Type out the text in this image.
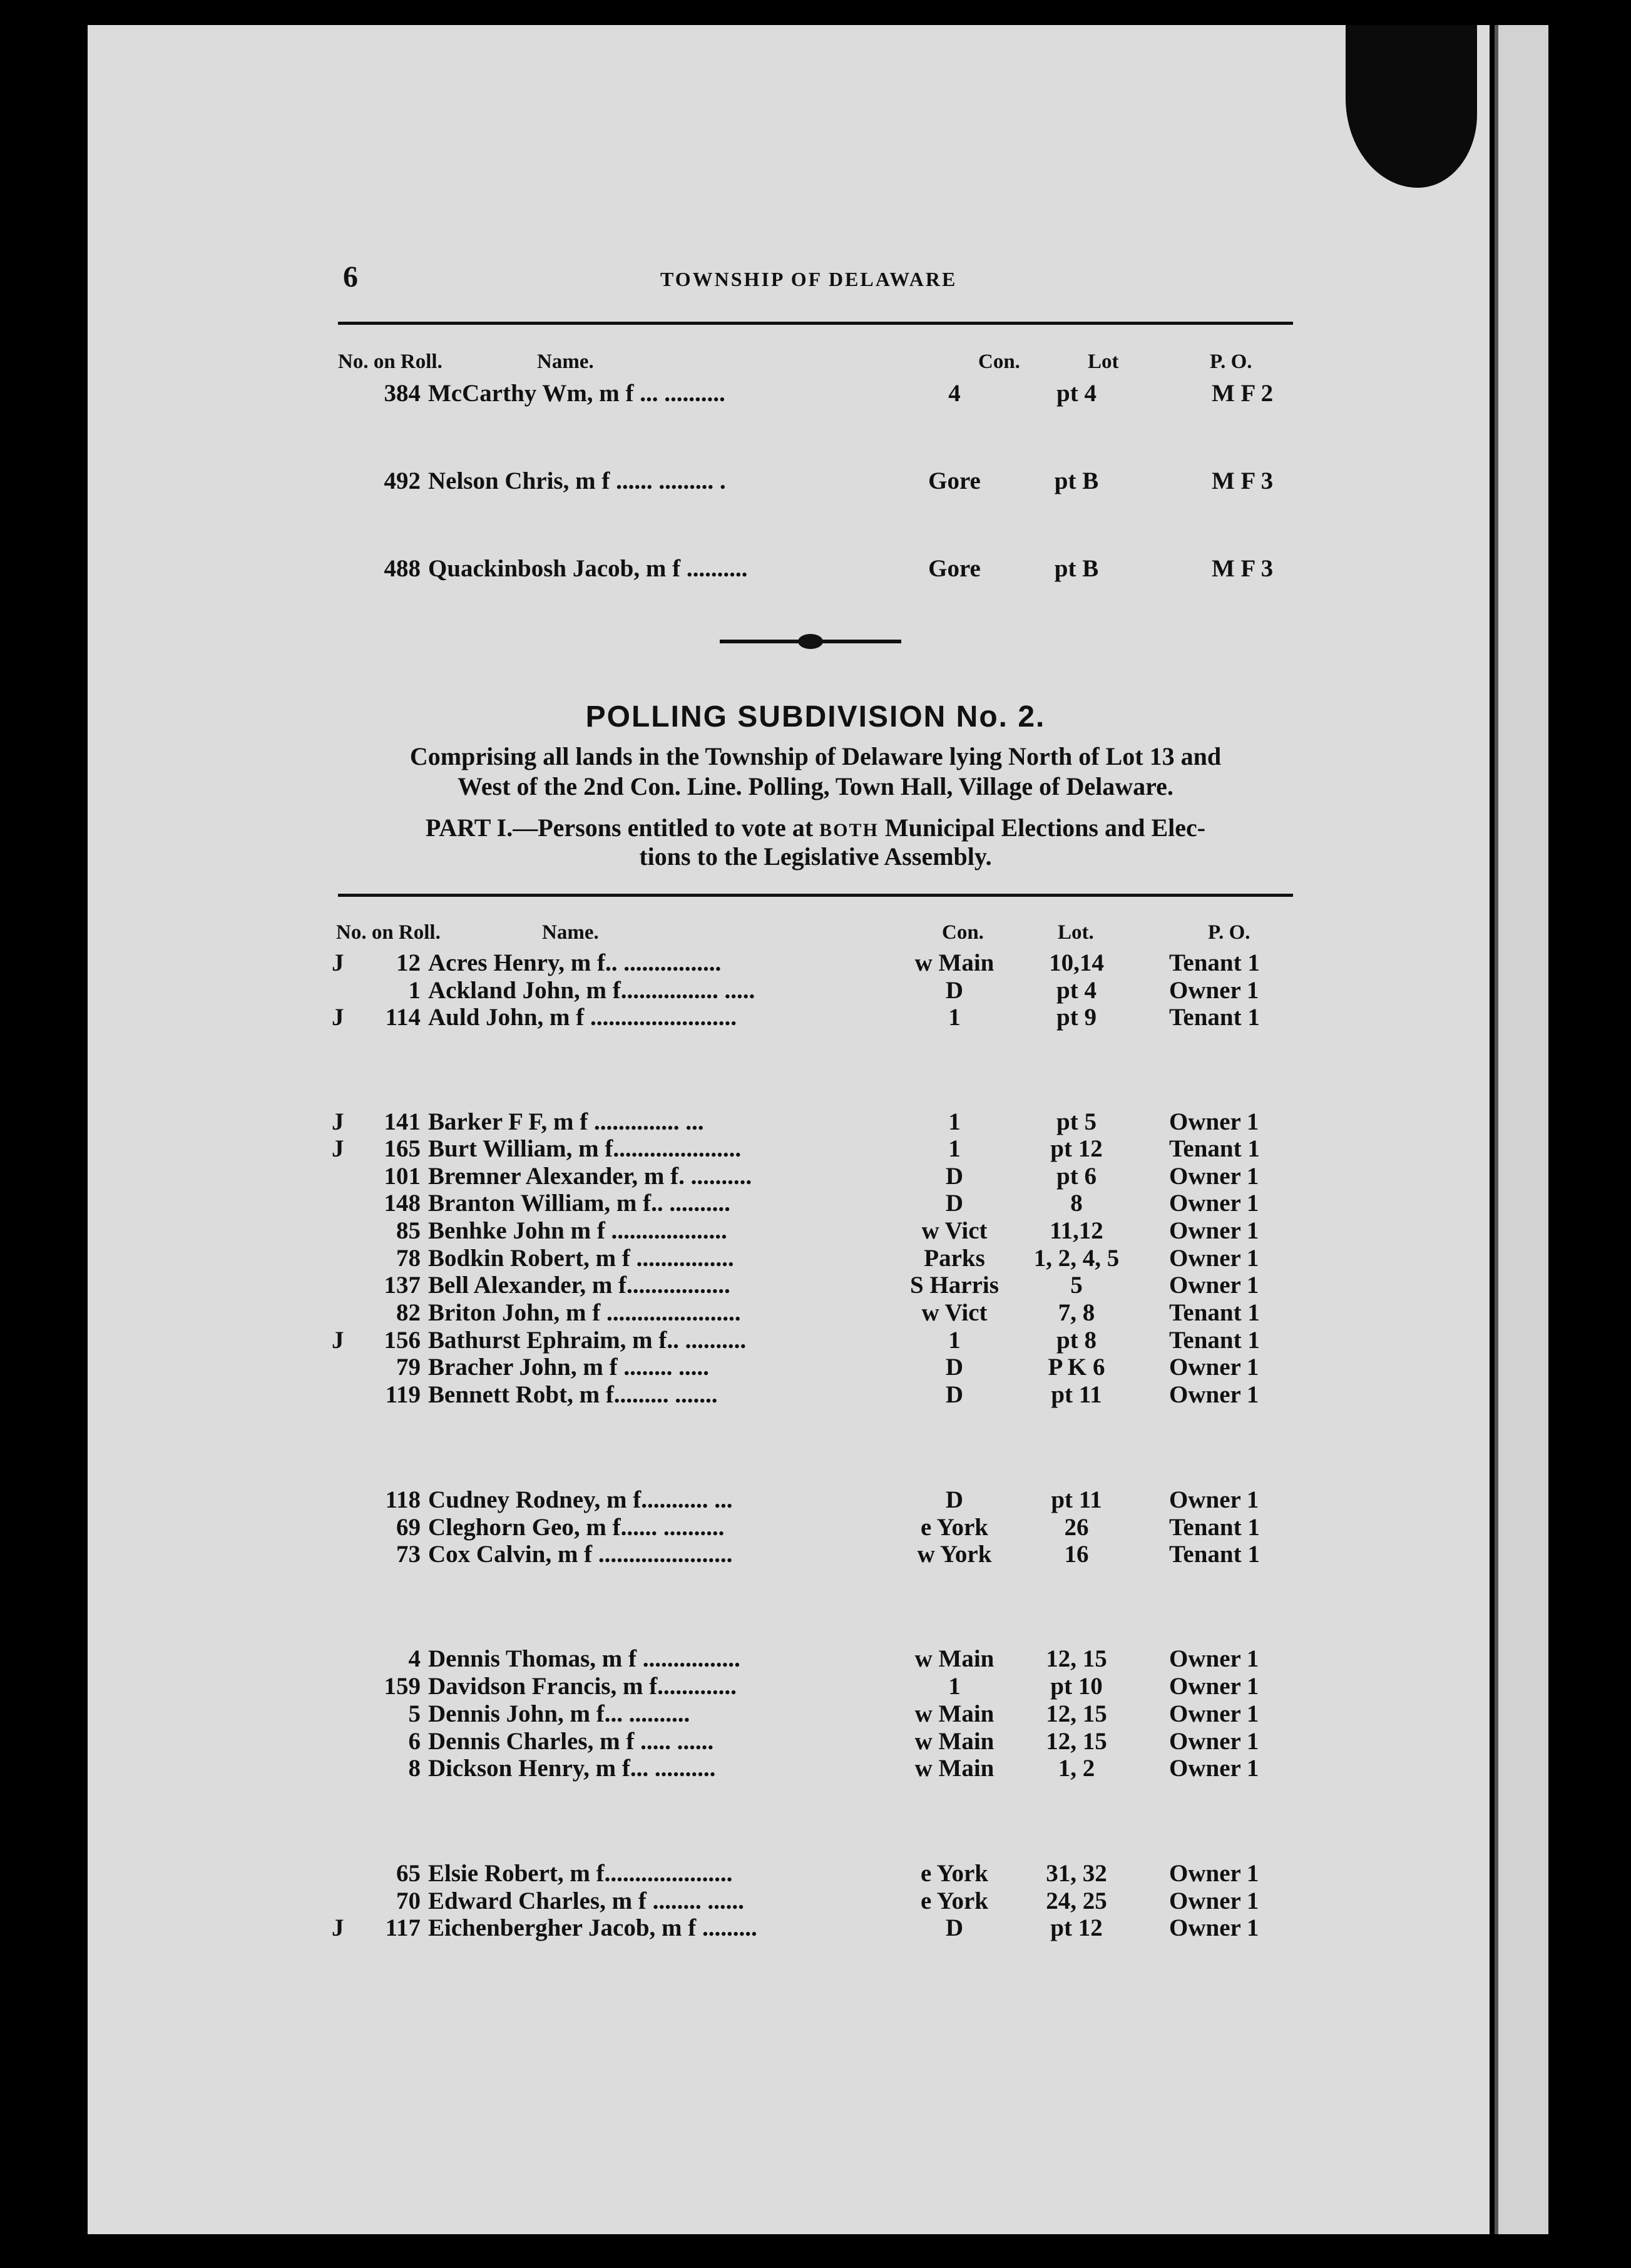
6	TOWNSHIP OF DELAWARE
No. on Roll.	Name.	Con.	Lot	P. O.
384 McCarthy Wm, m f ... ..........	4	pt 4	M F 2
492 Nelson Chris, m f ...... ......... .	Gore	pt B	M F 3
488 Quackinbosh Jacob, m f ..........	Gore	pt B	M F 3
POLLING SUBDIVISION No. 2.
Comprising all lands in the Township of Delaware lying North of Lot 13 and
West of the 2nd Con. Line. Polling, Town Hall, Village of Delaware.
PART I.—Persons entitled to vote at BOTH Municipal Elections and Elec-
tions to the Legislative Assembly.
No. on Roll.	Name.	Con.	Lot.	P. O.
J 12 Acres Henry, m f.. ................	w Main	10,14	Tenant 1
1 Ackland John, m f................ .....	D	pt 4	Owner 1
J 114 Auld John, m f ........................	1	pt 9	Tenant 1
J 141 Barker F F, m f .............. ...	1	pt 5	Owner 1
J 165 Burt William, m f.....................	1	pt 12	Tenant 1
101 Bremner Alexander, m f. ..........	D	pt 6	Owner 1
148 Branton William, m f.. ..........	D	8	Owner 1
85 Benhke John m f ...................	w Vict	11,12	Owner 1
78 Bodkin Robert, m f ................	Parks	1, 2, 4, 5	Owner 1
137 Bell Alexander, m f.................	S Harris	5	Owner 1
82 Briton John, m f ......................	w Vict	7, 8	Tenant 1
J 156 Bathurst Ephraim, m f.. ..........	1	pt 8	Tenant 1
79 Bracher John, m f ........ .....	D	P K 6	Owner 1
119 Bennett Robt, m f......... .......	D	pt 11	Owner 1
118 Cudney Rodney, m f........... ...	D	pt 11	Owner 1
69 Cleghorn Geo, m f...... ..........	e York	26	Tenant 1
73 Cox Calvin, m f ......................	w York	16	Tenant 1
4 Dennis Thomas, m f ................	w Main	12, 15	Owner 1
159 Davidson Francis, m f.............	1	pt 10	Owner 1
5 Dennis John, m f... ..........	w Main	12, 15	Owner 1
6 Dennis Charles, m f ..... ......	w Main	12, 15	Owner 1
8 Dickson Henry, m f... ..........	w Main	1, 2	Owner 1
65 Elsie Robert, m f.....................	e York	31, 32	Owner 1
70 Edward Charles, m f ........ ......	e York	24, 25	Owner 1
J 117 Eichenbergher Jacob, m f .........	D	pt 12	Owner 1
